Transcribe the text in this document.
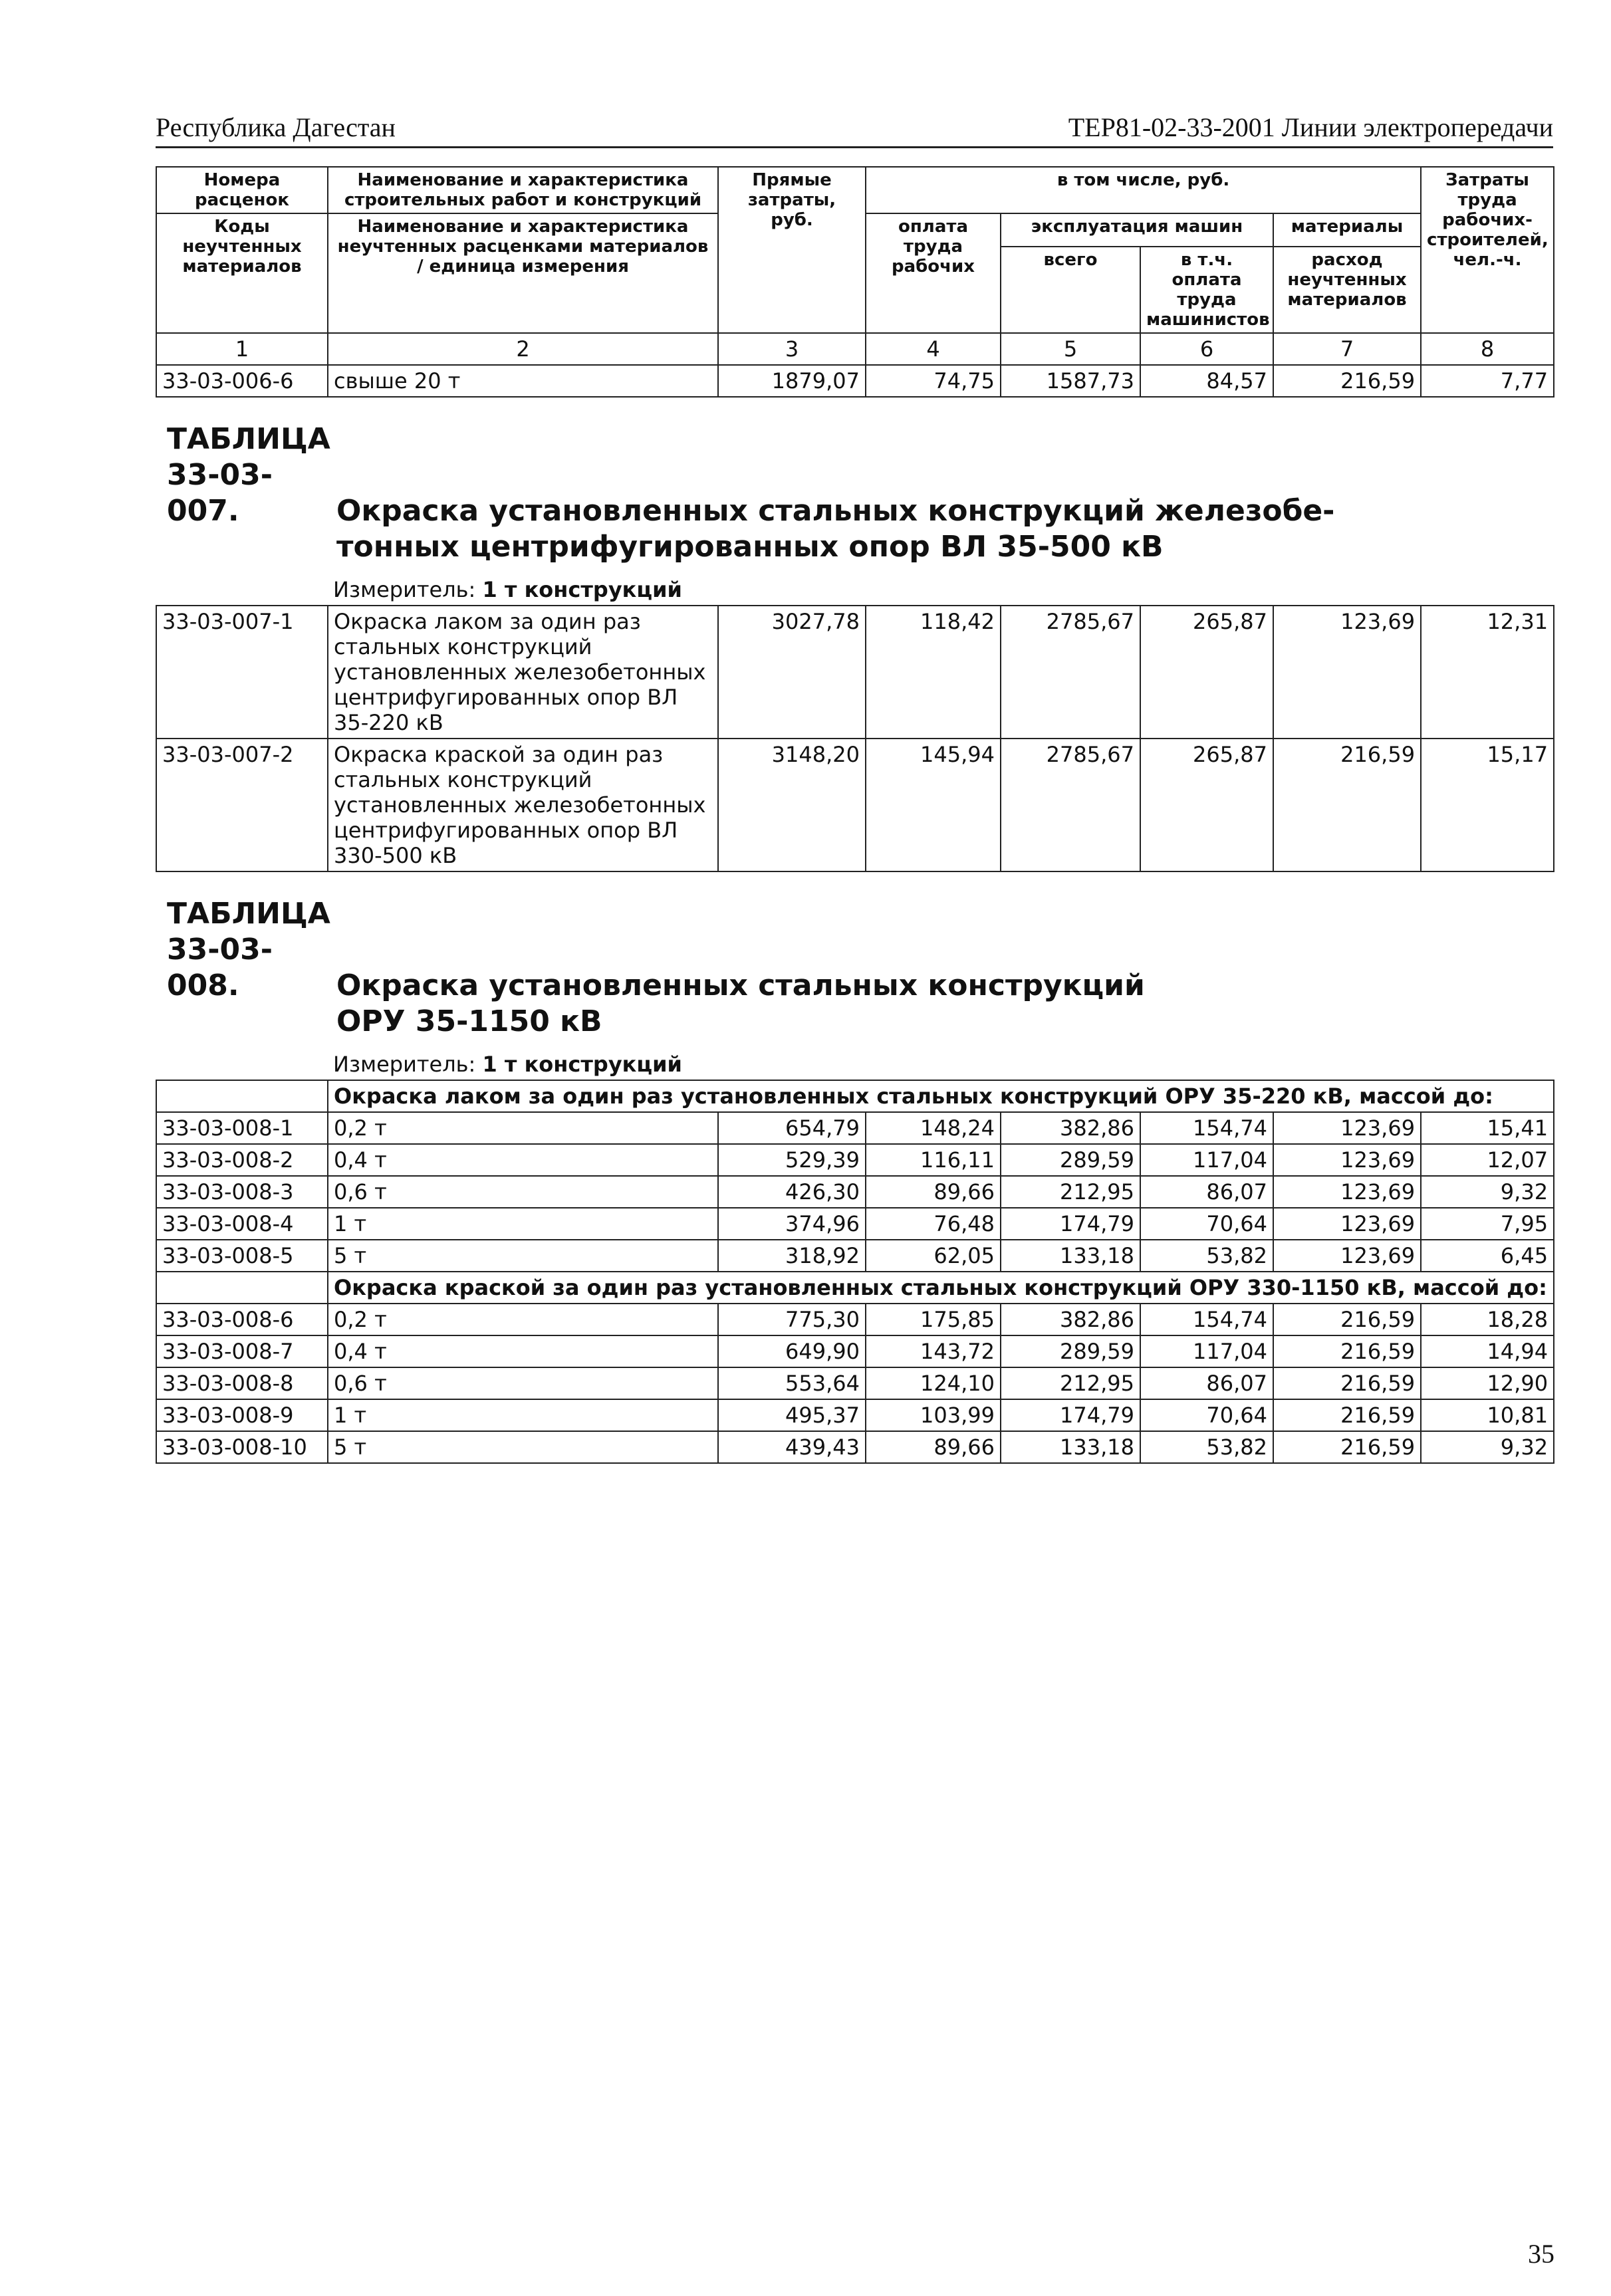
Республика Дагестан	ТЕР81-02-33-2001 Линии электропередачи
Номера расценок	Наименование и характеристика строительных работ и конструкций	Прямые затраты, руб.	в том числе, руб.				Затраты труда рабочих-строителей, чел.-ч.
Коды неучтенных материалов	Наименование и характеристика неучтенных расценками материалов / единица измерения		оплата труда рабочих	эксплуатация машин		материалы	
				всего	в т.ч. оплата труда машинистов	расход неучтенных материалов	
1	2	3	4	5	6	7	8
33-03-006-6	свыше 20 т	1879,07	74,75	1587,73	84,57	216,59	7,77

ТАБЛИЦА 33-03-007. Окраска установленных стальных конструкций железобе-
тонных центрифугированных опор ВЛ 35-500 кВ							

	Измеритель: 1 т конструкций						
33-03-007-1	Окраска лаком за один раз стальных конструкций установленных железобетонных центрифугированных опор ВЛ 35-220 кВ	3027,78	118,42	2785,67	265,87	123,69	12,31
33-03-007-2	Окраска краской за один раз стальных конструкций установленных железобетонных центрифугированных опор ВЛ 330-500 кВ	3148,20	145,94	2785,67	265,87	216,59	15,17

ТАБЛИЦА 33-03-008. Окраска установленных стальных конструкций
ОРУ 35-1150 кВ							

	Измеритель: 1 т конструкций						
	Окраска лаком за один раз установленных стальных конструкций ОРУ 35-220 кВ, массой до:						
33-03-008-1	0,2 т	654,79	148,24	382,86	154,74	123,69	15,41
33-03-008-2	0,4 т	529,39	116,11	289,59	117,04	123,69	12,07
33-03-008-3	0,6 т	426,30	89,66	212,95	86,07	123,69	9,32
33-03-008-4	1 т	374,96	76,48	174,79	70,64	123,69	7,95
33-03-008-5	5 т	318,92	62,05	133,18	53,82	123,69	6,45
	Окраска краской за один раз установленных стальных конструкций ОРУ 330-1150 кВ, массой до:						
33-03-008-6	0,2 т	775,30	175,85	382,86	154,74	216,59	18,28
33-03-008-7	0,4 т	649,90	143,72	289,59	117,04	216,59	14,94
33-03-008-8	0,6 т	553,64	124,10	212,95	86,07	216,59	12,90
33-03-008-9	1 т	495,37	103,99	174,79	70,64	216,59	10,81
33-03-008-10	5 т	439,43	89,66	133,18	53,82	216,59	9,32
35
